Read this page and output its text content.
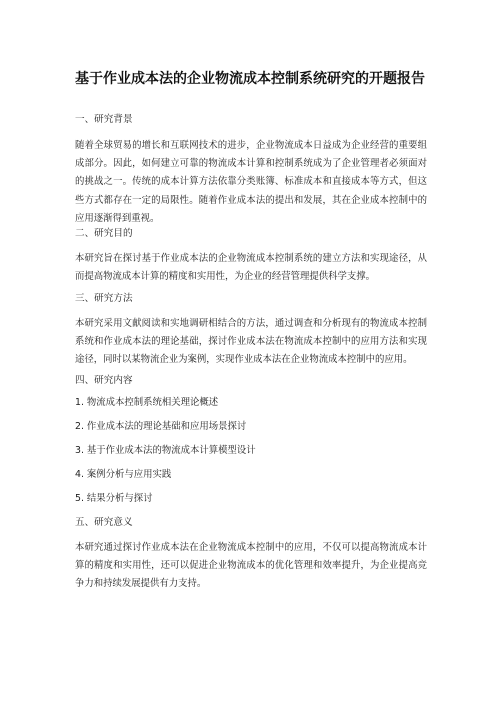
基于作业成本法的企业物流成本控制系统研究的开题报告
一、研究背景
随着全球贸易的增长和互联网技术的进步，企业物流成本日益成为企业经营的重要组成部分。因此，如何建立可靠的物流成本计算和控制系统成为了企业管理者必须面对的挑战之一。传统的成本计算方法依靠分类账簿、标准成本和直接成本等方式，但这些方式都存在一定的局限性。随着作业成本法的提出和发展，其在企业成本控制中的应用逐渐得到重视。
二、研究目的
本研究旨在探讨基于作业成本法的企业物流成本控制系统的建立方法和实现途径，从而提高物流成本计算的精度和实用性，为企业的经营管理提供科学支撑。
三、研究方法
本研究采用文献阅读和实地调研相结合的方法，通过调查和分析现有的物流成本控制系统和作业成本法的理论基础，探讨作业成本法在物流成本控制中的应用方法和实现途径，同时以某物流企业为案例，实现作业成本法在企业物流成本控制中的应用。
四、研究内容
1. 物流成本控制系统相关理论概述
2. 作业成本法的理论基础和应用场景探讨
3. 基于作业成本法的物流成本计算模型设计
4. 案例分析与应用实践
5. 结果分析与探讨
五、研究意义
本研究通过探讨作业成本法在企业物流成本控制中的应用，不仅可以提高物流成本计算的精度和实用性，还可以促进企业物流成本的优化管理和效率提升，为企业提高竞争力和持续发展提供有力支持。
